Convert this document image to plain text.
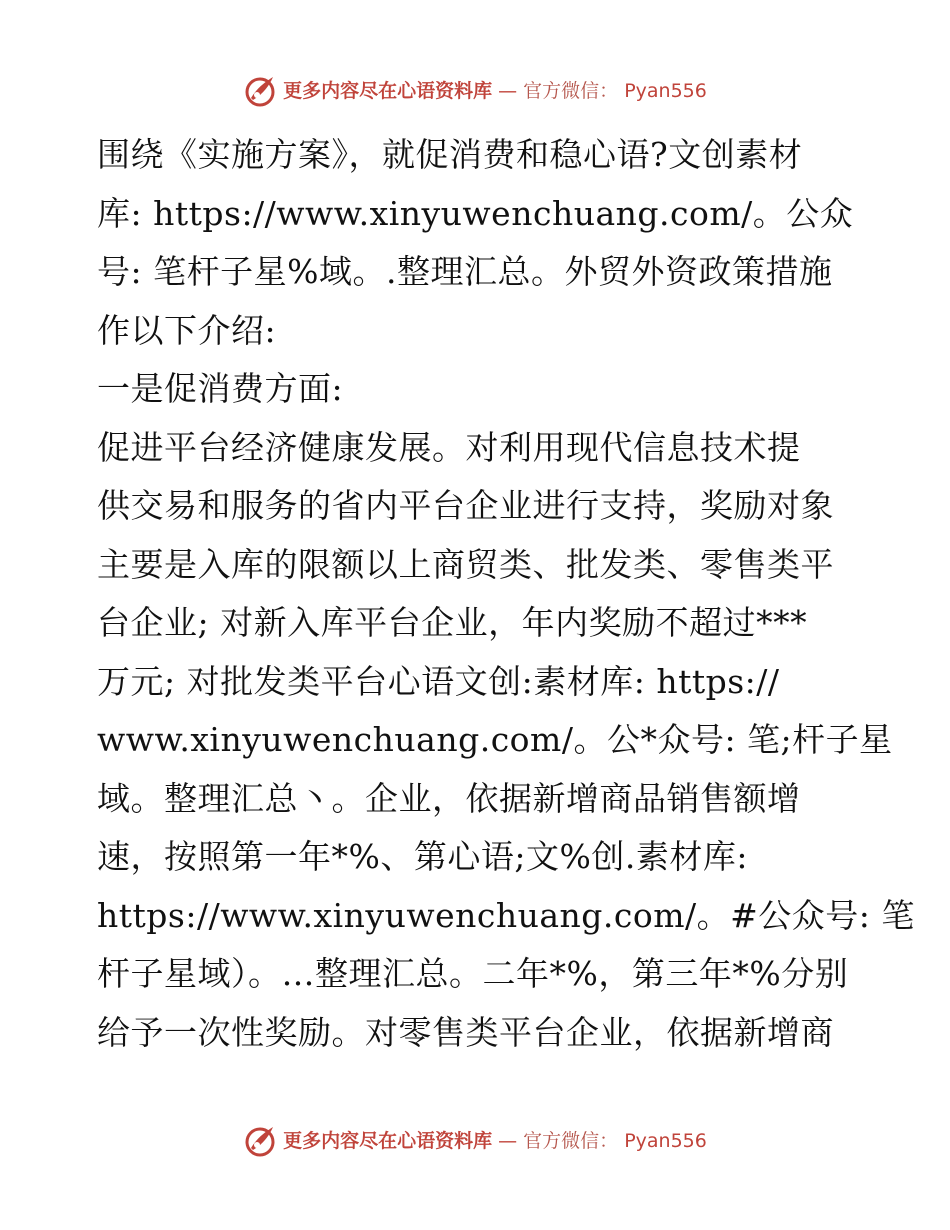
更多内容尽在心语资料库 — 官方微信： Pyan556

围绕《实施方案》，就促消费和稳心语?文创素材
库: https://www.xinyuwenchuang.com/。公众
号: 笔杆子星%域。.整理汇总。外贸外资政策措施
作以下介绍:

一是促消费方面:

促进平台经济健康发展。对利用现代信息技术提
供交易和服务的省内平台企业进行支持，奖励对象
主要是入库的限额以上商贸类、批发类、零售类平
台企业; 对新入库平台企业，年内奖励不超过***
万元; 对批发类平台心语文创:素材库: https://
www.xinyuwenchuang.com/。公*众号: 笔;杆子星
域。整理汇总丶。企业，依据新增商品销售额增
速，按照第一年*%、第心语;文%创.素材库:
https://www.xinyuwenchuang.com/。#公众号: 笔
杆子星域）。…整理汇总。二年*%，第三年*%分别
给予一次性奖励。对零售类平台企业，依据新增商

更多内容尽在心语资料库 — 官方微信： Pyan556
